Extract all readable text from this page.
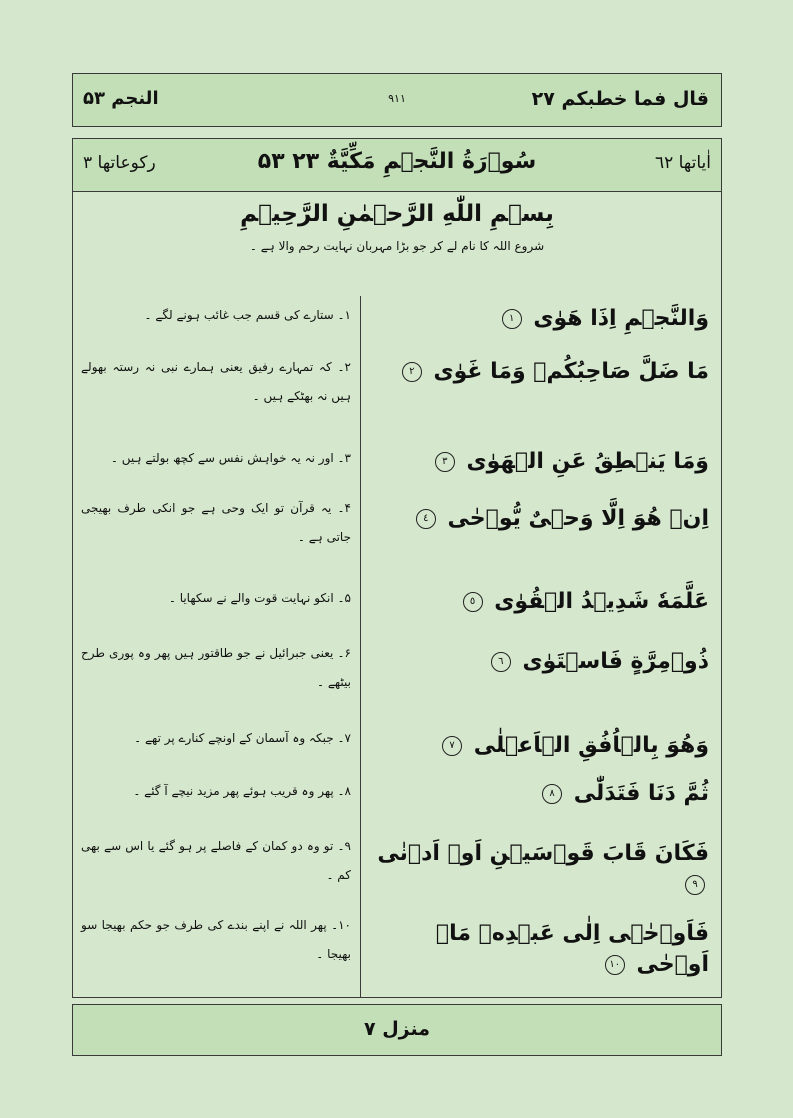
قال فما خطبكم ۲۷
۹۱۱
النجم ۵۳
اٰیاتها ٦۲
۵۳ سُوۡرَةُ النَّجۡمِ مَکِّیَّةٌ ۲۳
رکوعاتها ۳
بِسۡمِ اللّٰهِ الرَّحۡمٰنِ الرَّحِیۡمِ
شروع اللہ کا نام لے کر جو بڑا مہربان نہایت رحم والا ہے ۔
وَالنَّجۡمِ اِذَا هَوٰی ١
۱۔ ستارے کی قسم جب غائب ہونے لگے ۔
مَا ضَلَّ صَاحِبُکُمۡ وَمَا غَوٰی ٢
۲۔ کہ تمہارے رفیق یعنی ہمارے نبی نہ رستہ بھولے ہیں نہ بھٹکے ہیں ۔
وَمَا یَنۡطِقُ عَنِ الۡهَوٰی ٣
۳۔ اور نہ یہ خواہش نفس سے کچھ بولتے ہیں ۔
اِنۡ هُوَ اِلَّا وَحۡیٌ یُّوۡحٰی ٤
۴۔ یہ قرآن تو ایک وحی ہے جو انکی طرف بھیجی جاتی ہے ۔
عَلَّمَهٗ شَدِیۡدُ الۡقُوٰی ٥
۵۔ انکو نہایت قوت والے نے سکھایا ۔
ذُوۡمِرَّةٍ فَاسۡتَوٰی ٦
۶۔ یعنی جبرائیل نے جو طاقتور ہیں پھر وہ پوری طرح بیٹھے ۔
وَهُوَ بِالۡاُفُقِ الۡاَعۡلٰی ٧
۷۔ جبکہ وہ آسمان کے اونچے کنارے پر تھے ۔
ثُمَّ دَنَا فَتَدَلّٰی ٨
۸۔ پھر وہ قریب ہوئے پھر مزید نیچے آ گئے ۔
فَکَانَ قَابَ قَوۡسَیۡنِ اَوۡ اَدۡنٰی ٩
۹۔ تو وہ دو کمان کے فاصلے پر ہو گئے یا اس سے بھی کم ۔
فَاَوۡحٰۤی اِلٰی عَبۡدِهٖ مَاۤ اَوۡحٰی ١٠
۱۰۔ پھر اللہ نے اپنے بندے کی طرف جو حکم بھیجا سو بھیجا ۔
منزل ۷
